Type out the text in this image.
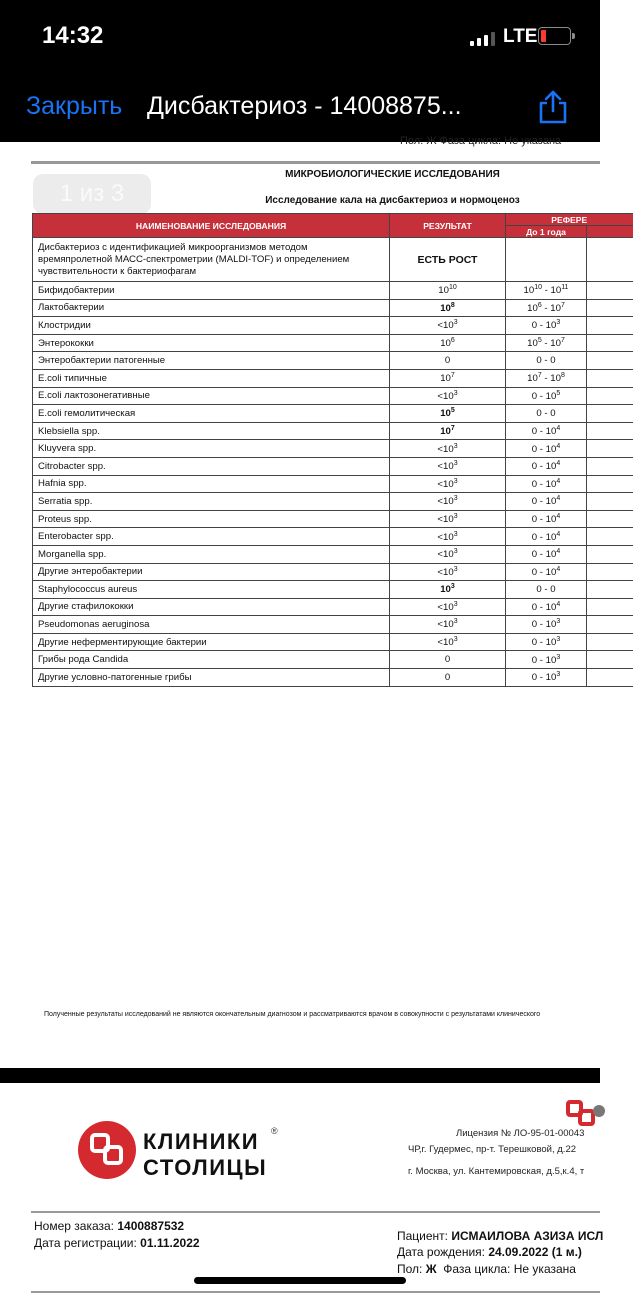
14:32	LTE
Закрыть Дисбактериоз - 14008875...
Пол: Ж Фаза цикла: Не указана
МИКРОБИОЛОГИЧЕСКИЕ ИССЛЕДОВАНИЯ
1 из 3	Исследование кала на дисбактериоз и нормоценоз
НАИМЕНОВАНИЕ ИССЛЕДОВАНИЯ	РЕЗУЛЬТАТ	РЕФЕРЕ	
		До 1 года	
Дисбактериоз с идентификацией микроорганизмов методом времяпролетной МАСС-спектрометрии (MALDI-TOF) и определением чувствительности к бактериофагам	ЕСТЬ РОСТ		
Бифидобактерии	$10^{10}$	$10^{10} - 10^{11}$	
Лактобактерии	$10^8$	$10^6 - 10^7$	
Клостридии	$<10^3$	$0 - 10^3$	
Энтерококки	$10^6$	$10^5 - 10^7$	
Энтеробактерии патогенные	0	0 - 0	
E.coli типичные	$10^7$	$10^7 - 10^8$	
E.coli лактозонегативные	$<10^3$	$0 - 10^5$	
E.coli гемолитическая	$10^5$	0 - 0	
Klebsiella spp.	$10^7$	$0 - 10^4$	
Kluyvera spp.	$<10^3$	$0 - 10^4$	
Citrobacter spp.	$<10^3$	$0 - 10^4$	
Hafnia spp.	$<10^3$	$0 - 10^4$	
Serratia spp.	$<10^3$	$0 - 10^4$	
Proteus spp.	$<10^3$	$0 - 10^4$	
Enterobacter spp.	$<10^3$	$0 - 10^4$	
Morganella spp.	$<10^3$	$0 - 10^4$	
Другие энтеробактерии	$<10^3$	$0 - 10^4$	
Staphylococcus aureus	$10^3$	0 - 0	
Другие стафилококки	$<10^3$	$0 - 10^4$	
Pseudomonas aeruginosa	$<10^3$	$0 - 10^3$	
Другие неферментирующие бактерии	$<10^3$	$0 - 10^3$	
Грибы рода Candida	0	$0 - 10^3$	
Другие условно-патогенные грибы	0	$0 - 10^3$	
Полученные результаты исследований не являются окончательным диагнозом и рассматриваются врачом в совокупности с результатами клинического
КЛИНИКИ
СТОЛИЦЫ
®	Лицензия № ЛО-95-01-00043
ЧР,г. Гудермес, пр-т. Терешковой, д.22
г. Москва, ул. Кантемировская, д.5,к.4, т
Номер заказа: 1400887532
Дата регистрации: 01.11.2022	Пациент: ИСМАИЛОВА АЗИЗА ИСЛ
Дата рождения: 24.09.2022 (1 м.)
Пол: Ж Фаза цикла: Не указана
